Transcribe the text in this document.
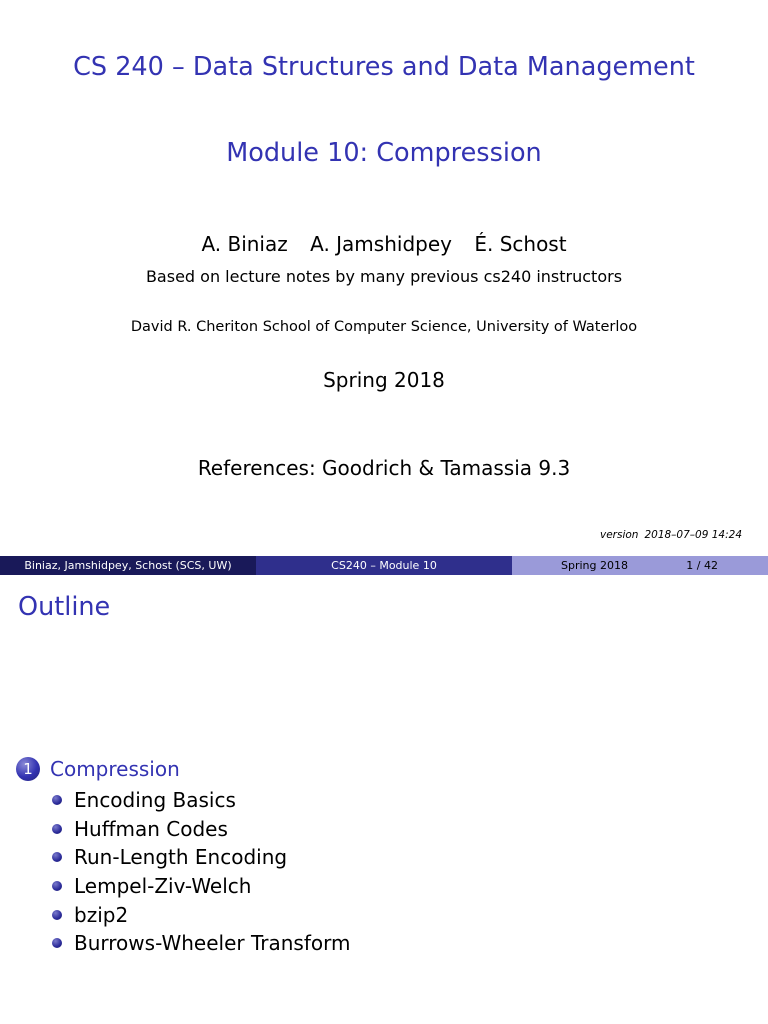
CS 240 – Data Structures and Data Management
Module 10: Compression
A. Biniaz A. Jamshidpey É. Schost
Based on lecture notes by many previous cs240 instructors
David R. Cheriton School of Computer Science, University of Waterloo
Spring 2018
References: Goodrich & Tamassia 9.3
version 2018–07–09 14:24
Biniaz, Jamshidpey, Schost (SCS, UW)	CS240 – Module 10	Spring 2018	1 / 42
Outline
1 Compression
Encoding Basics
Huffman Codes
Run-Length Encoding
Lempel-Ziv-Welch
bzip2
Burrows-Wheeler Transform
